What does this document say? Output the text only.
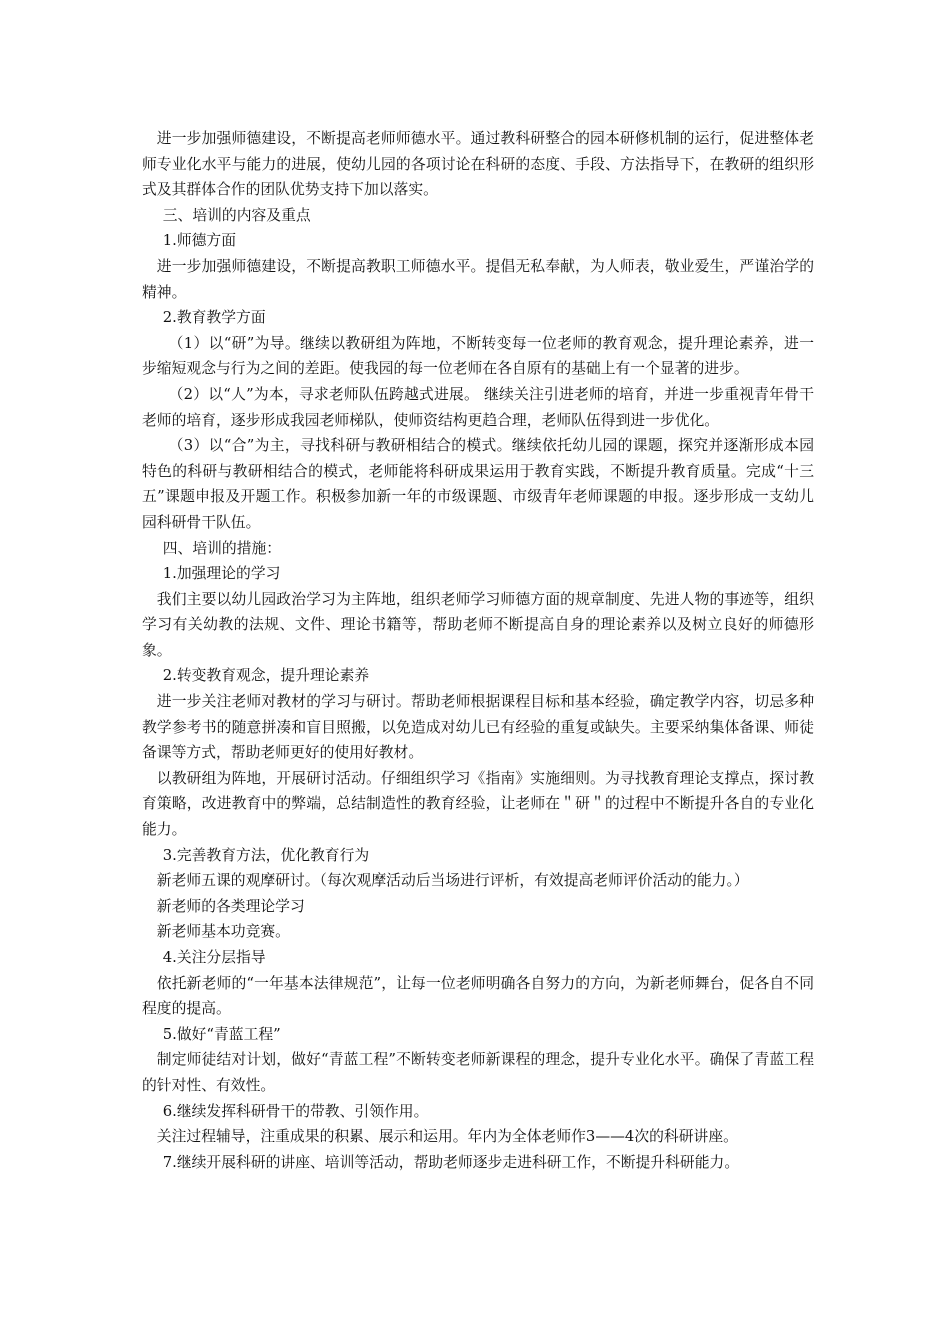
进一步加强师德建设，不断提高老师师德水平。通过教科研整合的园本研修机制的运行，促进整体老师专业化水平与能力的进展，使幼儿园的各项讨论在科研的态度、手段、方法指导下，在教研的组织形式及其群体合作的团队优势支持下加以落实。

三、培训的内容及重点

1.师德方面

进一步加强师德建设，不断提高教职工师德水平。提倡无私奉献，为人师表，敬业爱生，严谨治学的精神。

2.教育教学方面

（1）以“研”为导。继续以教研组为阵地，不断转变每一位老师的教育观念，提升理论素养，进一步缩短观念与行为之间的差距。使我园的每一位老师在各自原有的基础上有一个显著的进步。

（2）以“人”为本，寻求老师队伍跨越式进展。 继续关注引进老师的培育，并进一步重视青年骨干老师的培育，逐步形成我园老师梯队，使师资结构更趋合理，老师队伍得到进一步优化。

（3）以“合”为主，寻找科研与教研相结合的模式。继续依托幼儿园的课题，探究并逐渐形成本园特色的科研与教研相结合的模式，老师能将科研成果运用于教育实践，不断提升教育质量。完成“十三五”课题申报及开题工作。积极参加新一年的市级课题、市级青年老师课题的申报。逐步形成一支幼儿园科研骨干队伍。

四、培训的措施：

1.加强理论的学习

我们主要以幼儿园政治学习为主阵地，组织老师学习师德方面的规章制度、先进人物的事迹等，组织学习有关幼教的法规、文件、理论书籍等，帮助老师不断提高自身的理论素养以及树立良好的师德形象。

2.转变教育观念，提升理论素养

进一步关注老师对教材的学习与研讨。帮助老师根据课程目标和基本经验，确定教学内容，切忌多种教学参考书的随意拼凑和盲目照搬，以免造成对幼儿已有经验的重复或缺失。主要采纳集体备课、师徒备课等方式，帮助老师更好的使用好教材。

以教研组为阵地，开展研讨活动。仔细组织学习《指南》实施细则。为寻找教育理论支撑点，探讨教育策略，改进教育中的弊端，总结制造性的教育经验，让老师在＂研＂的过程中不断提升各自的专业化能力。

3.完善教育方法，优化教育行为

新老师五课的观摩研讨。（每次观摩活动后当场进行评析，有效提高老师评价活动的能力。）

新老师的各类理论学习

新老师基本功竞赛。

4.关注分层指导

依托新老师的“一年基本法律规范”，让每一位老师明确各自努力的方向，为新老师舞台，促各自不同程度的提高。

5.做好“青蓝工程”

制定师徒结对计划，做好“青蓝工程”不断转变老师新课程的理念，提升专业化水平。确保了青蓝工程的针对性、有效性。

6.继续发挥科研骨干的带教、引领作用。

关注过程辅导，注重成果的积累、展示和运用。年内为全体老师作3——4次的科研讲座。

7.继续开展科研的讲座、培训等活动，帮助老师逐步走进科研工作，不断提升科研能力。
